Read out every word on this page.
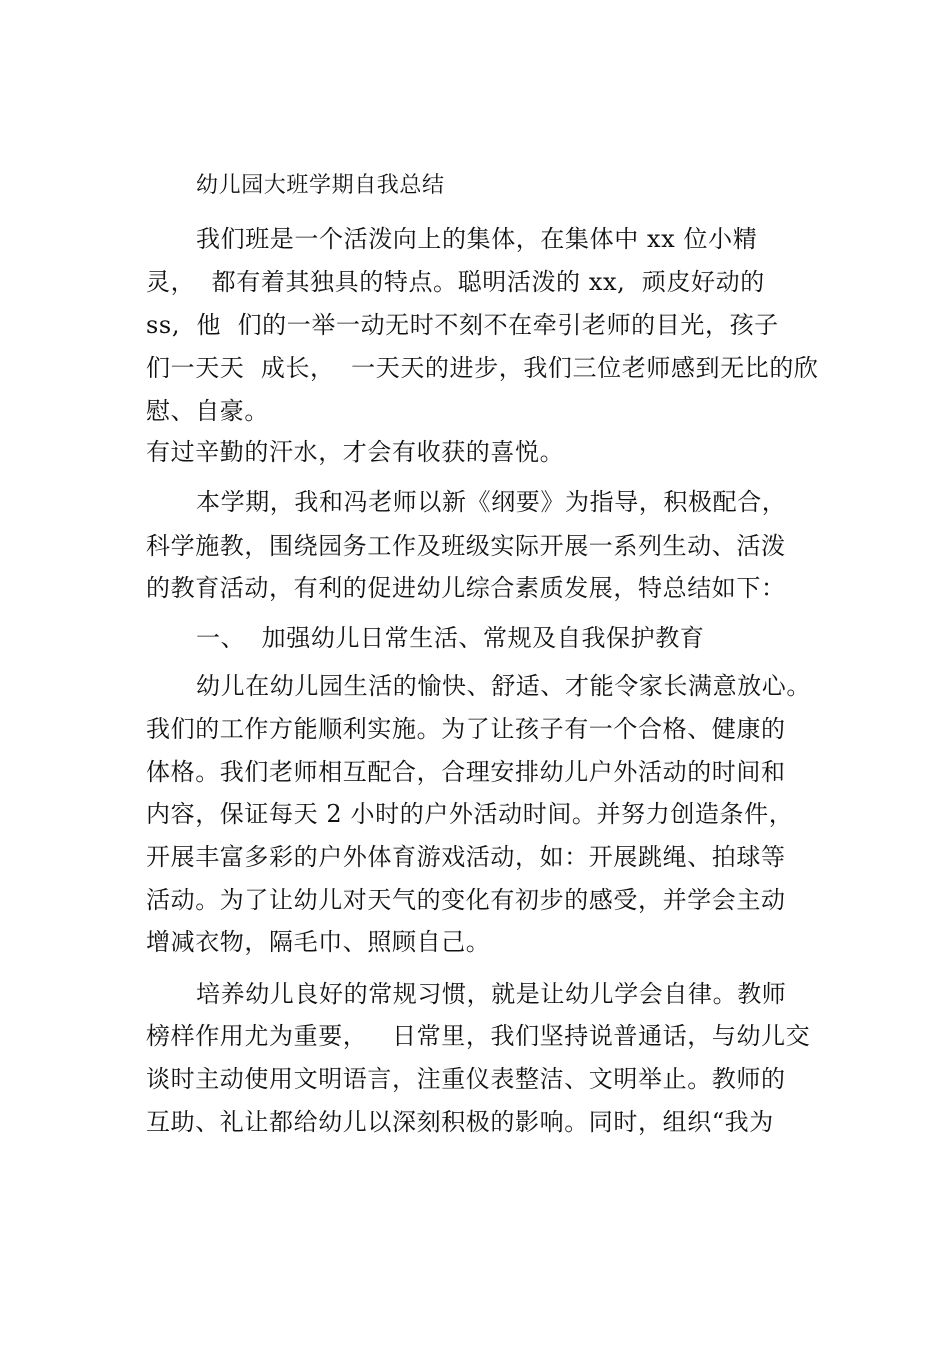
幼儿园大班学期自我总结
我们班是一个活泼向上的集体，在集体中 xx 位小精
灵，  都有着其独具的特点。聪明活泼的 xx,  顽皮好动的
ss,  他  们的一举一动无时不刻不在牵引老师的目光，孩子
们一天天  成长，  一天天的进步，我们三位老师感到无比的欣
慰、自豪。
有过辛勤的汗水，才会有收获的喜悦。
本学期，我和冯老师以新《纲要》为指导，积极配合，
科学施教，围绕园务工作及班级实际开展一系列生动、活泼
的教育活动，有利的促进幼儿综合素质发展，特总结如下：
一、  加强幼儿日常生活、常规及自我保护教育
幼儿在幼儿园生活的愉快、舒适、才能令家长满意放心。
我们的工作方能顺利实施。为了让孩子有一个合格、健康的
体格。我们老师相互配合，合理安排幼儿户外活动的时间和
内容，保证每天 2 小时的户外活动时间。并努力创造条件，
开展丰富多彩的户外体育游戏活动，如：开展跳绳、拍球等
活动。为了让幼儿对天气的变化有初步的感受，并学会主动
增减衣物，隔毛巾、照顾自己。
培养幼儿良好的常规习惯，就是让幼儿学会自律。教师
榜样作用尤为重要，   日常里，我们坚持说普通话，与幼儿交
谈时主动使用文明语言，注重仪表整洁、文明举止。教师的
互助、礼让都给幼儿以深刻积极的影响。同时，组织“我为
